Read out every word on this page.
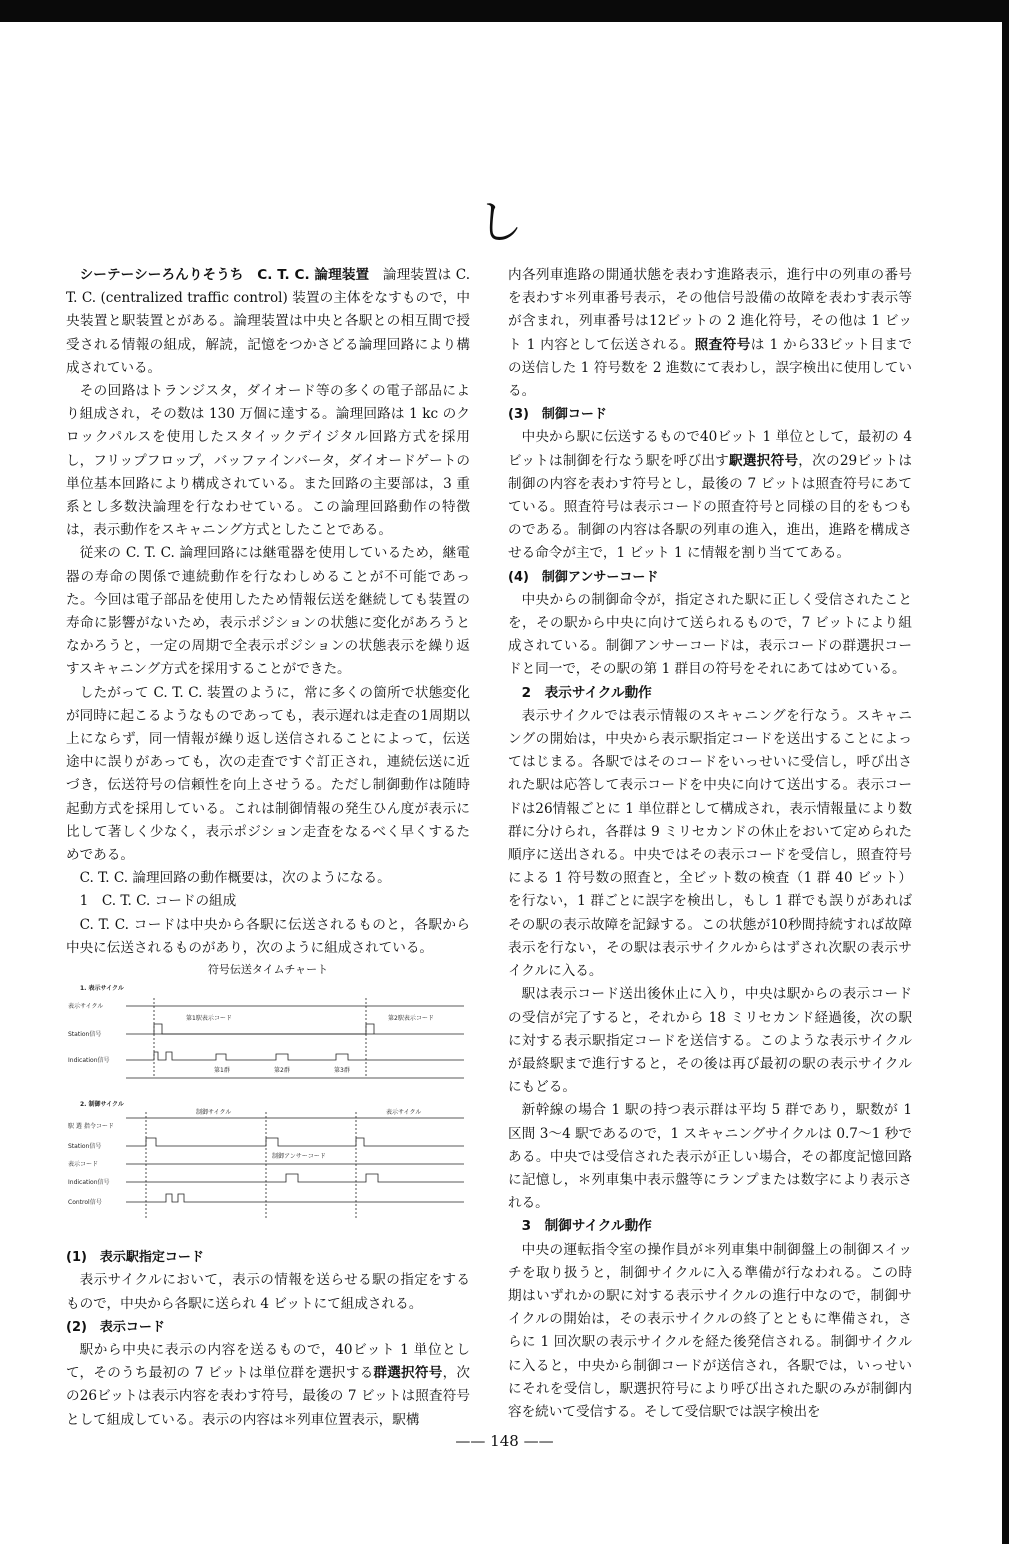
し

シーテーシーろんりそうち　C. T. C. 論理装置　 論理装置は C. T. C. (centralized traffic control) 装置の主体をなすもので，中央装置と駅装置とがある。論理装置は中央と各駅との相互間で授受される情報の組成，解読，記憶をつかさどる論理回路により構成されている。

その回路はトランジスタ，ダイオード等の多くの電子部品により組成され，その数は 130 万個に達する。論理回路は 1 kc のクロックパルスを使用したスタイックデイジタル回路方式を採用し，フリップフロップ，バッファインバータ，ダイオードゲートの単位基本回路により構成されている。また回路の主要部は，3 重系とし多数決論理を行なわせている。この論理回路動作の特徴は，表示動作をスキャニング方式としたことである。

従来の C. T. C. 論理回路には継電器を使用しているため，継電器の寿命の関係で連続動作を行なわしめることが不可能であった。今回は電子部品を使用したため情報伝送を継続しても装置の寿命に影響がないため，表示ポジションの状態に変化があろうとなかろうと，一定の周期で全表示ポジションの状態表示を繰り返すスキャニング方式を採用することができた。

したがって C. T. C. 装置のように，常に多くの箇所で状態変化が同時に起こるようなものであっても，表示遅れは走査の1周期以上にならず，同一情報が繰り返し送信されることによって，伝送途中に誤りがあっても，次の走査ですぐ訂正され，連続伝送に近づき，伝送符号の信頼性を向上させうる。ただし制御動作は随時起動方式を採用している。これは制御情報の発生ひん度が表示に比して著しく少なく，表示ポジション走査をなるべく早くするためである。

C. T. C. 論理回路の動作概要は，次のようになる。

1　C. T. C. コードの組成

C. T. C. コードは中央から各駅に伝送されるものと，各駅から中央に伝送されるものがあり，次のように組成されている。

符号伝送タイムチャート
1. 表示サイクル
表示サイクル
Station信号
Indication信号
第1駅表示コード	第2駅表示コード
第1群	第2群	第3群
2. 制御サイクル
駅 選 指令コード
Station信号
表示コード
Indication信号
Control信号
制御サイクル	表示サイクル
制御アンサーコード

(1)　表示駅指定コード

表示サイクルにおいて，表示の情報を送らせる駅の指定をするもので，中央から各駅に送られ 4 ビットにて組成される。

(2)　表示コード

駅から中央に表示の内容を送るもので，40ビット 1 単位として，そのうち最初の 7 ビットは単位群を選択する群選択符号，次の26ビットは表示内容を表わす符号，最後の 7 ビットは照査符号として組成している。表示の内容は＊列車位置表示，駅構

内各列車進路の開通状態を表わす進路表示，進行中の列車の番号を表わす＊列車番号表示，その他信号設備の故障を表わす表示等が含まれ，列車番号は12ビットの 2 進化符号，その他は 1 ビット 1 内容として伝送される。照査符号は 1 から33ビット目までの送信した 1 符号数を 2 進数にて表わし，誤字検出に使用している。

(3)　制御コード

中央から駅に伝送するもので40ビット 1 単位として，最初の 4 ビットは制御を行なう駅を呼び出す駅選択符号，次の29ビットは制御の内容を表わす符号とし，最後の 7 ビットは照査符号にあてている。照査符号は表示コードの照査符号と同様の目的をもつものである。制御の内容は各駅の列車の進入，進出，進路を構成させる命令が主で，1 ビット 1 に情報を割り当ててある。

(4)　制御アンサーコード

中央からの制御命令が，指定された駅に正しく受信されたことを，その駅から中央に向けて送られるもので，7 ビットにより組成されている。制御アンサーコードは，表示コードの群選択コードと同一で，その駅の第 1 群目の符号をそれにあてはめている。

2　表示サイクル動作

表示サイクルでは表示情報のスキャニングを行なう。スキャニングの開始は，中央から表示駅指定コードを送出することによってはじまる。各駅ではそのコードをいっせいに受信し，呼び出された駅は応答して表示コードを中央に向けて送出する。表示コードは26情報ごとに 1 単位群として構成され，表示情報量により数群に分けられ，各群は 9 ミリセカンドの休止をおいて定められた順序に送出される。中央ではその表示コードを受信し，照査符号による 1 符号数の照査と，全ビット数の検査（1 群 40 ビット）を行ない，1 群ごとに誤字を検出し，もし 1 群でも誤りがあればその駅の表示故障を記録する。この状態が10秒間持続すれば故障表示を行ない，その駅は表示サイクルからはずされ次駅の表示サイクルに入る。

駅は表示コード送出後休止に入り，中央は駅からの表示コードの受信が完了すると，それから 18 ミリセカンド経過後，次の駅に対する表示駅指定コードを送信する。このような表示サイクルが最終駅まで進行すると，その後は再び最初の駅の表示サイクルにもどる。

新幹線の場合 1 駅の持つ表示群は平均 5 群であり，駅数が 1 区間 3～4 駅であるので，1 スキャニングサイクルは 0.7～1 秒である。中央では受信された表示が正しい場合，その都度記憶回路に記憶し，＊列車集中表示盤等にランプまたは数字により表示される。

3　制御サイクル動作

中央の運転指令室の操作員が＊列車集中制御盤上の制御スイッチを取り扱うと，制御サイクルに入る準備が行なわれる。この時期はいずれかの駅に対する表示サイクルの進行中なので，制御サイクルの開始は，その表示サイクルの終了とともに準備され，さらに 1 回次駅の表示サイクルを経た後発信される。制御サイクルに入ると，中央から制御コードが送信され，各駅では，いっせいにそれを受信し，駅選択符号により呼び出された駅のみが制御内容を続いて受信する。そして受信駅では誤字検出を

—— 148 ——
